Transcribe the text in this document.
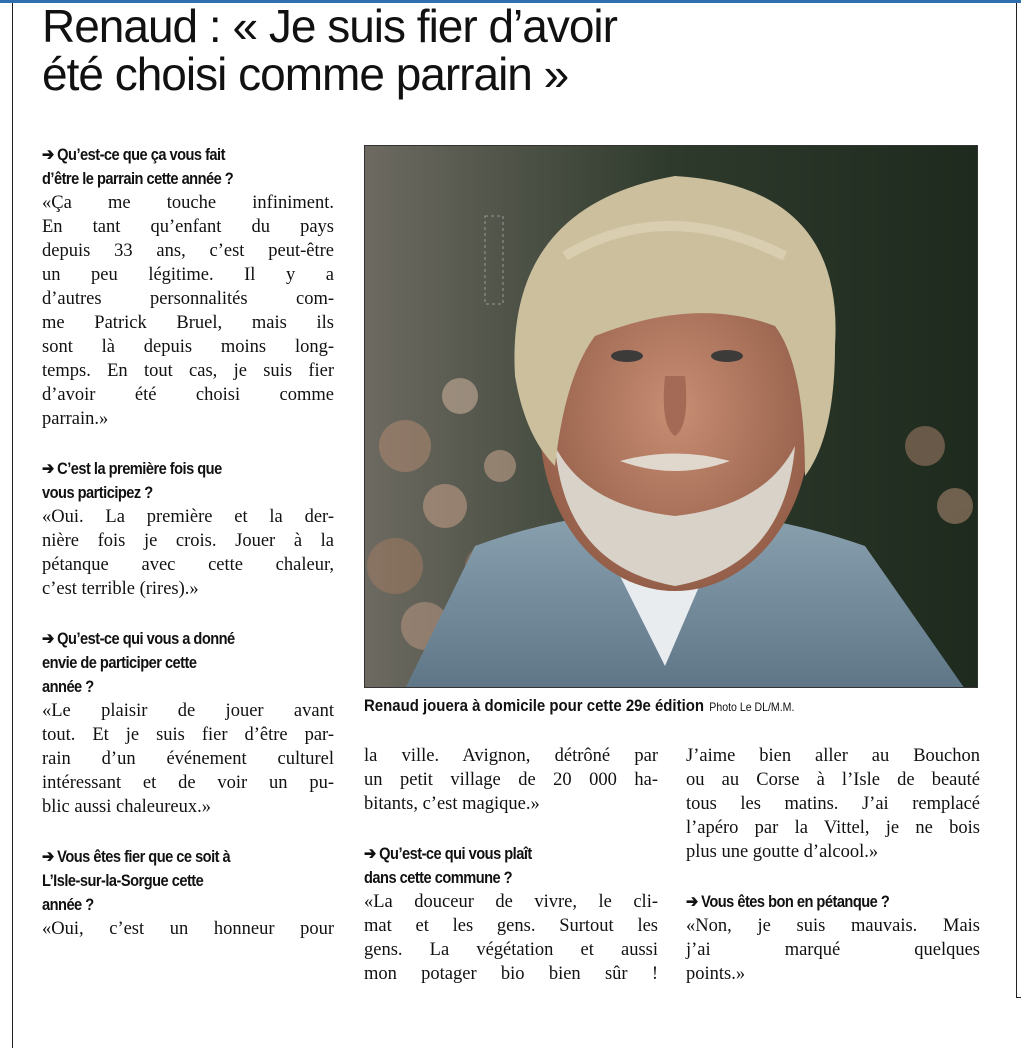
Renaud : « Je suis fier d’avoir
été choisi comme parrain »
➔ Qu’est-ce que ça vous fait
d’être le parrain cette année ?
«Ça me touche infiniment.
En tant qu’enfant du pays
depuis 33 ans, c’est peut-être
un peu légitime. Il y a
d’autres personnalités com-
me Patrick Bruel, mais ils
sont là depuis moins long-
temps. En tout cas, je suis fier
d’avoir été choisi comme
parrain.»
➔ C’est la première fois que
vous participez ?
«Oui. La première et la der-
nière fois je crois. Jouer à la
pétanque avec cette chaleur,
c’est terrible (rires).»
➔ Qu’est-ce qui vous a donné
envie de participer cette
année ?
«Le plaisir de jouer avant
tout. Et je suis fier d’être par-
rain d’un événement culturel
intéressant et de voir un pu-
blic aussi chaleureux.»
➔ Vous êtes fier que ce soit à
L’Isle-sur-la-Sorgue cette
année ?
«Oui, c’est un honneur pour
Renaud jouera à domicile pour cette 29e édition Photo Le DL/M.M.
la ville. Avignon, détrôné par
un petit village de 20 000 ha-
bitants, c’est magique.»
➔ Qu’est-ce qui vous plaît
dans cette commune ?
«La douceur de vivre, le cli-
mat et les gens. Surtout les
gens. La végétation et aussi
mon potager bio bien sûr !
J’aime bien aller au Bouchon
ou au Corse à l’Isle de beauté
tous les matins. J’ai remplacé
l’apéro par la Vittel, je ne bois
plus une goutte d’alcool.»
➔ Vous êtes bon en pétanque ?
«Non, je suis mauvais. Mais
j’ai marqué quelques
points.»
